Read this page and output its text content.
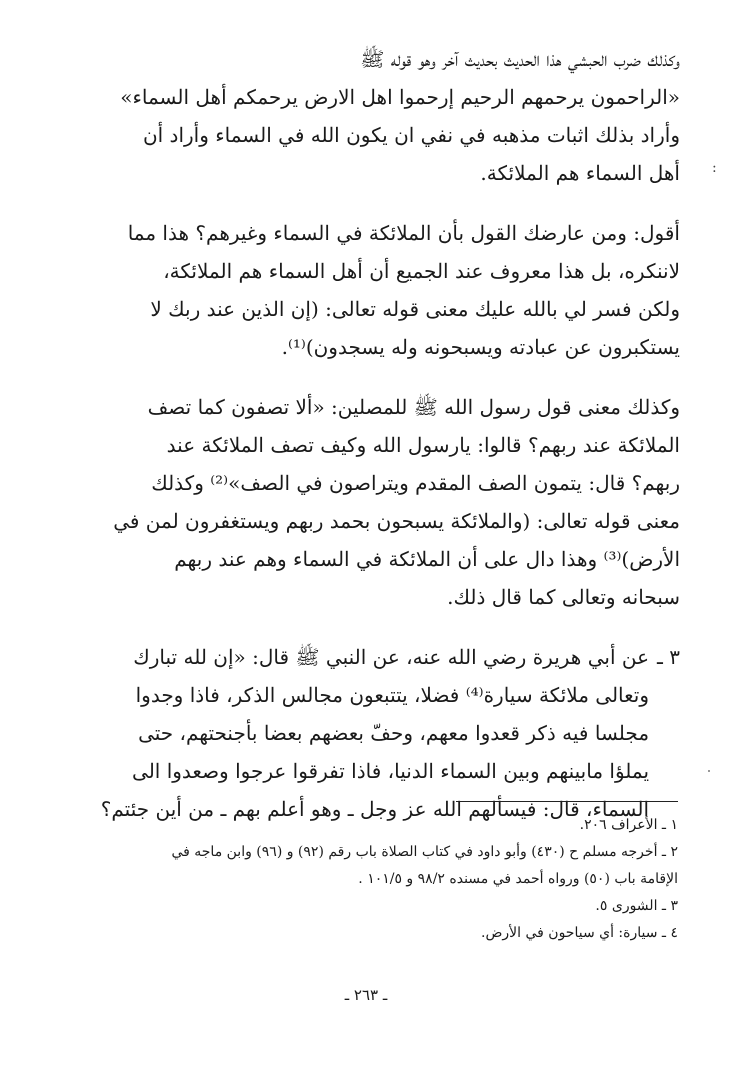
وكذلك ضرب الحبشي هذا الحديث بحديث آخر وهو قوله ﷺ
«الراحمون يرحمهم الرحيم إرحموا اهل الارض يرحمكم أهل السماء»
وأراد بذلك اثبات مذهبه في نفي ان يكون الله في السماء وأراد أن
أهل السماء هم الملائكة.
أقول: ومن عارضك القول بأن الملائكة في السماء وغيرهم؟ هذا مما
لاننكره، بل هذا معروف عند الجميع أن أهل السماء هم الملائكة،
ولكن فسر لي بالله عليك معنى قوله تعالى: (إن الذين عند ربك لا
يستكبرون عن عبادته ويسبحونه وله يسجدون)⁽¹⁾.
وكذلك معنى قول رسول الله ﷺ للمصلين: «ألا تصفون كما تصف
الملائكة عند ربهم؟ قالوا: يارسول الله وكيف تصف الملائكة عند
ربهم؟ قال: يتمون الصف المقدم ويتراصون في الصف»⁽²⁾ وكذلك
معنى قوله تعالى: (والملائكة يسبحون بحمد ربهم ويستغفرون لمن في
الأرض)⁽³⁾ وهذا دال على أن الملائكة في السماء وهم عند ربهم
سبحانه وتعالى كما قال ذلك.
٣ ـ
عن أبي هريرة رضي الله عنه، عن النبي ﷺ قال: «إن لله تبارك
وتعالى ملائكة سيارة⁽⁴⁾ فضلا، يتتبعون مجالس الذكر، فاذا وجدوا
مجلسا فيه ذكر قعدوا معهم، وحفّ بعضهم بعضا بأجنحتهم، حتى
يملؤا مابينهم وبين السماء الدنيا، فاذا تفرقوا عرجوا وصعدوا الى
السماء، قال: فيسألهم الله عز وجل ـ وهو أعلم بهم ـ من أين جئتم؟
:
١ ـ الأعراف ٢٠٦.
٢ ـ أخرجه مسلم ح (٤٣٠) وأبو داود في كتاب الصلاة باب رقم (٩٢) و (٩٦) وابن ماجه في
الإقامة باب (٥٠) ورواه أحمد في مسنده ٩٨/٢ و ١٠١/٥ .
٣ ـ الشورى ٥.
٤ ـ سيارة: أي سياحون في الأرض.
ـ ٢٦٣ ـ
